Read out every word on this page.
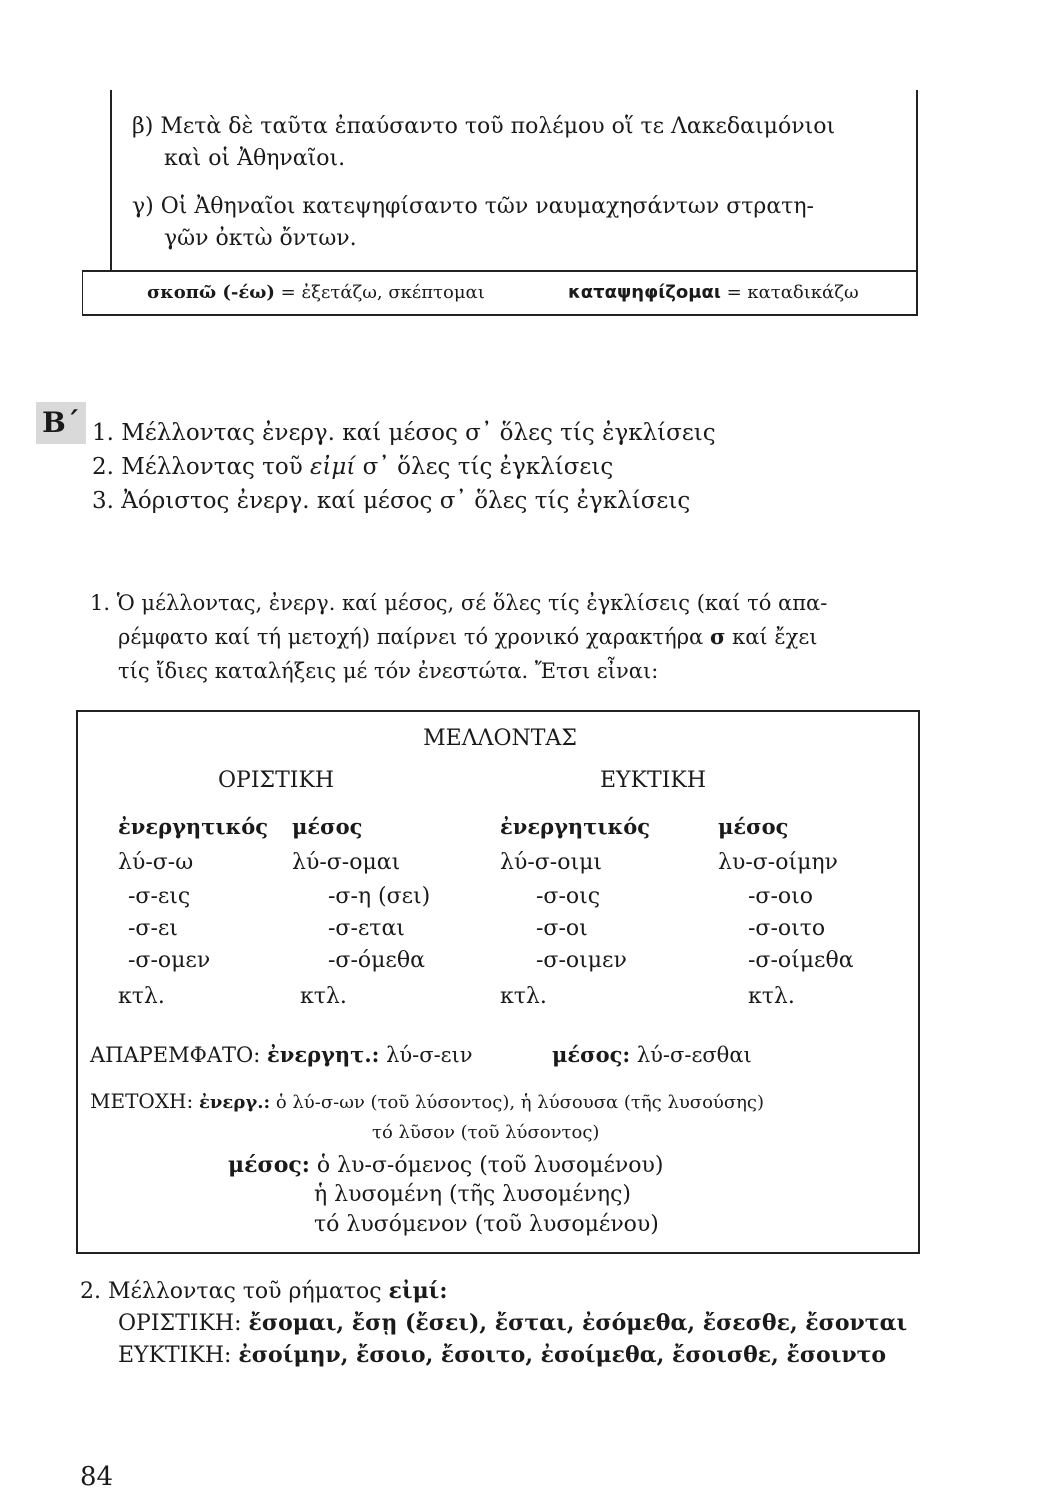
β) Μετὰ δὲ ταῦτα ἐπαύσαντο τοῦ πολέμου οἵ τε Λακεδαιμόνιοι
καὶ οἱ Ἀθηναῖοι.
γ) Οἱ Ἀθηναῖοι κατεψηφίσαντο τῶν ναυμαχησάντων στρατη-
γῶν ὀκτὼ ὄντων.
σκοπῶ (-έω) = ἐξετάζω, σκέπτομαι	καταψηφίζομαι = καταδικάζω
Β΄ 1. Μέλλοντας ἐνεργ. καί μέσος σ᾽ ὅλες τίς ἐγκλίσεις
2. Μέλλοντας τοῦ εἰμί σ᾽ ὅλες τίς ἐγκλίσεις
3. Ἀόριστος ἐνεργ. καί μέσος σ᾽ ὅλες τίς ἐγκλίσεις
1. Ὁ μέλλοντας, ἐνεργ. καί μέσος, σέ ὅλες τίς ἐγκλίσεις (καί τό απα-
ρέμφατο καί τή μετοχή) παίρνει τό χρονικό χαρακτήρα σ καί ἔχει
τίς ἴδιες καταλήξεις μέ τόν ἐνεστώτα. Ἔτσι εἶναι:
ΜΕΛΛΟΝΤΑΣ
ΟΡΙΣΤΙΚΗ	ΕΥΚΤΙΚΗ
ἐνεργητικός μέσος	ἐνεργητικός	μέσος
λύ-σ-ω	λύ-σ-ομαι	λύ-σ-οιμι	λυ-σ-οίμην
-σ-εις	-σ-η (σει)	-σ-οις	-σ-οιο
-σ-ει	-σ-εται	-σ-οι	-σ-οιτο
-σ-ομεν	-σ-όμεθα	-σ-οιμεν	-σ-οίμεθα
κτλ.	κτλ.	κτλ.	κτλ.
ΑΠΑΡΕΜΦΑΤΟ: ἐνεργητ.: λύ-σ-ειν	μέσος: λύ-σ-εσθαι
ΜΕΤΟΧΗ: ἐνεργ.: ὁ λύ-σ-ων (τοῦ λύσοντος), ἡ λύσουσα (τῆς λυσούσης)
τό λῦσον (τοῦ λύσοντος)
μέσος: ὁ λυ-σ-όμενος (τοῦ λυσομένου)
ἡ λυσομένη (τῆς λυσομένης)
τό λυσόμενον (τοῦ λυσομένου)
2. Μέλλοντας τοῦ ρήματος εἰμί:
ΟΡΙΣΤΙΚΗ: ἔσομαι, ἔσῃ (ἔσει), ἔσται, ἐσόμεθα, ἔσεσθε, ἔσονται
ΕΥΚΤΙΚΗ: ἐσοίμην, ἔσοιο, ἔσοιτο, ἐσοίμεθα, ἔσοισθε, ἔσοιντο
84
